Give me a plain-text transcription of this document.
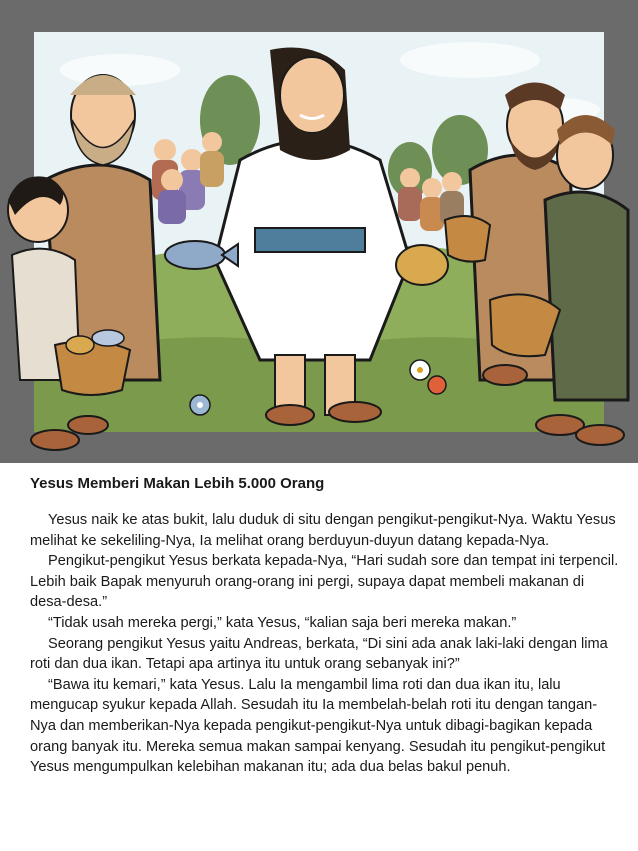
Yesus Memberi Makan Lebih 5.000 Orang

Yesus naik ke atas bukit, lalu duduk di situ dengan pengikut-pengikut-Nya. Waktu Yesus melihat ke sekeliling-Nya, Ia melihat orang berduyun-duyun datang kepada-Nya.

Pengikut-pengikut Yesus berkata kepada-Nya, “Hari sudah sore dan tempat ini terpencil. Lebih baik Bapak menyuruh orang-orang ini pergi, supaya dapat membeli makanan di desa-desa.”

“Tidak usah mereka pergi,” kata Yesus, “kalian saja beri mereka makan.”

Seorang pengikut Yesus yaitu Andreas, berkata, “Di sini ada anak laki-laki dengan lima roti dan dua ikan. Tetapi apa artinya itu untuk orang sebanyak ini?”

“Bawa itu kemari,” kata Yesus. Lalu Ia mengambil lima roti dan dua ikan itu, lalu mengucap syukur kepada Allah. Sesudah itu Ia membelah-belah roti itu dengan tangan-Nya dan memberikan-Nya kepada pengikut-pengikut-Nya untuk dibagi-bagikan kepada orang banyak itu. Mereka semua makan sampai kenyang. Sesudah itu pengikut-pengikut Yesus mengumpulkan kelebihan makanan itu; ada dua belas bakul penuh.
